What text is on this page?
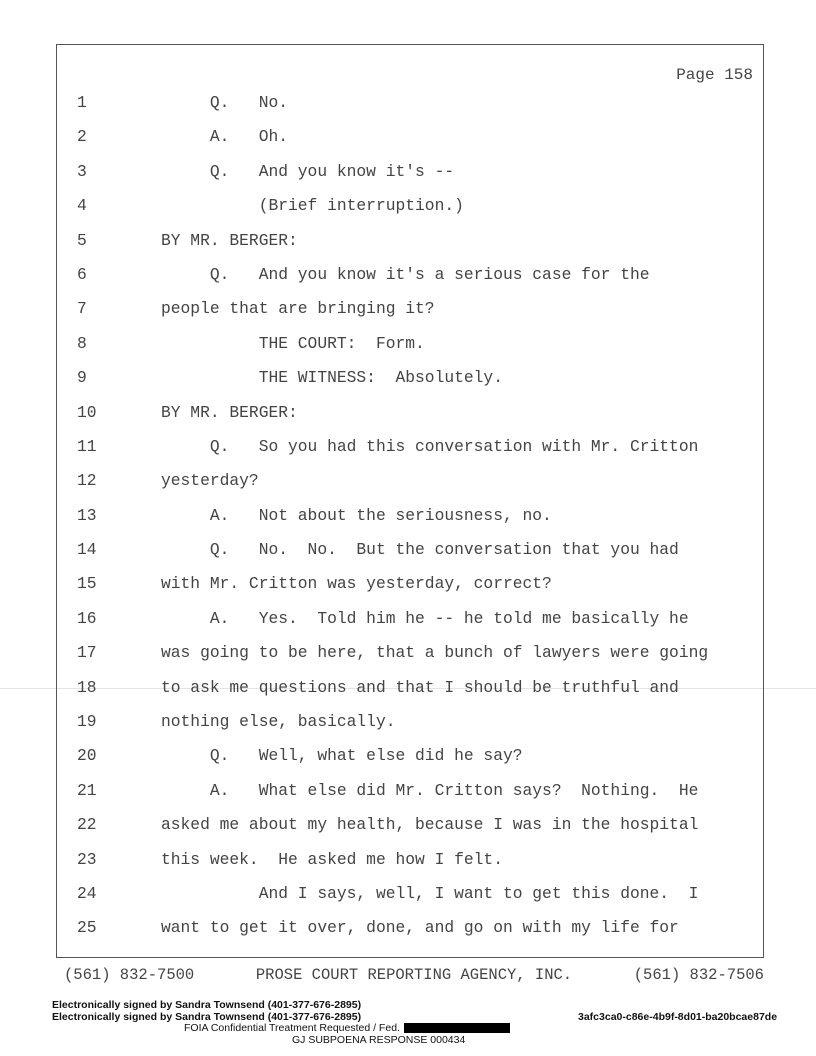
Page 158
1	Q.   No.
2	A.   Oh.
3	Q.   And you know it's --
4	(Brief interruption.)
5	BY MR. BERGER:
6	Q.   And you know it's a serious case for the
7	people that are bringing it?
8	THE COURT:  Form.
9	THE WITNESS:  Absolutely.
10	BY MR. BERGER:
11	Q.   So you had this conversation with Mr. Critton
12	yesterday?
13	A.   Not about the seriousness, no.
14	Q.   No.  No.  But the conversation that you had
15	with Mr. Critton was yesterday, correct?
16	A.   Yes.  Told him he -- he told me basically he
17	was going to be here, that a bunch of lawyers were going
18	to ask me questions and that I should be truthful and
19	nothing else, basically.
20	Q.   Well, what else did he say?
21	A.   What else did Mr. Critton says?  Nothing.  He
22	asked me about my health, because I was in the hospital
23	this week.  He asked me how I felt.
24	And I says, well, I want to get this done.  I
25	want to get it over, done, and go on with my life for
(561) 832-7500	PROSE COURT REPORTING AGENCY, INC.	(561) 832-7506
Electronically signed by Sandra Townsend (401-377-676-2895)
Electronically signed by Sandra Townsend (401-377-676-2895)	3afc3ca0-c86e-4b9f-8d01-ba20bcae87de
FOIA Confidential Treatment Requested / Fed.
GJ SUBPOENA RESPONSE 000434
